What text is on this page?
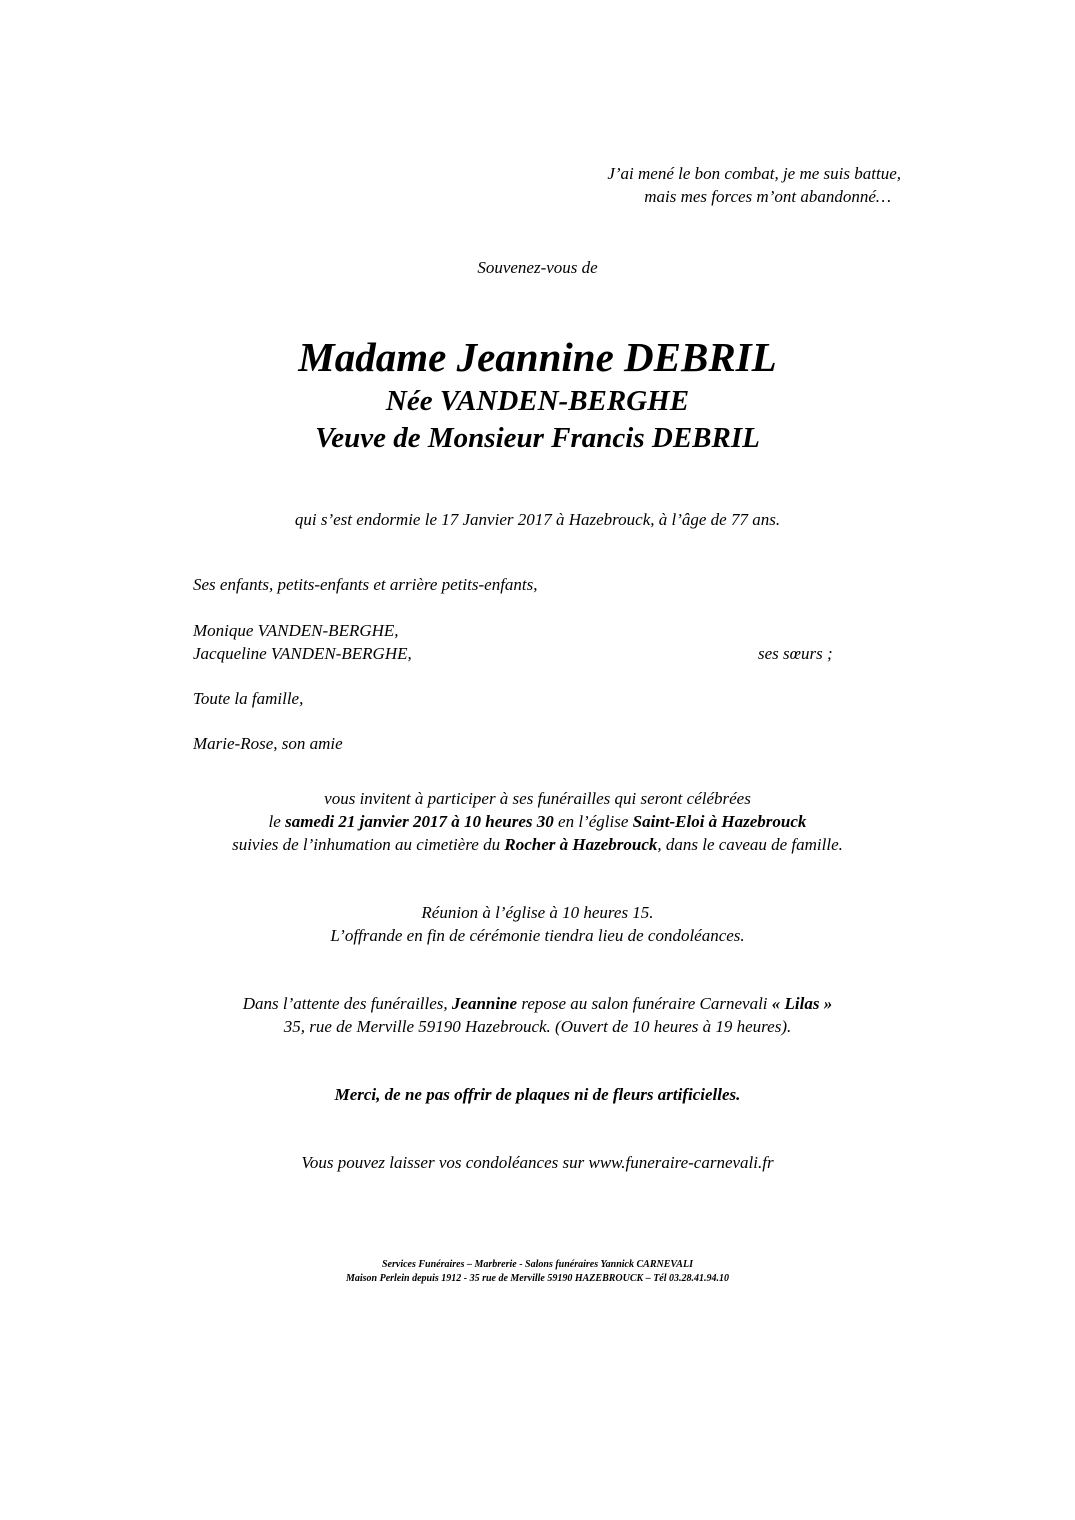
J’ai mené le bon combat, je me suis battue,
mais mes forces m’ont abandonné…
Souvenez-vous de
Madame Jeannine DEBRIL
Née VANDEN-BERGHE
Veuve de Monsieur Francis DEBRIL
qui s’est endormie le 17 Janvier 2017 à Hazebrouck, à l’âge de 77 ans.
Ses enfants, petits-enfants et arrière petits-enfants,
Monique VANDEN-BERGHE,
Jacqueline VANDEN-BERGHE,	ses sœurs ;
Toute la famille,
Marie-Rose, son amie
vous invitent à participer à ses funérailles qui seront célébrées
le samedi 21 janvier 2017 à 10 heures 30 en l’église Saint-Eloi à Hazebrouck
suivies de l’inhumation au cimetière du Rocher à Hazebrouck, dans le caveau de famille.
Réunion à l’église à 10 heures 15.
L’offrande en fin de cérémonie tiendra lieu de condoléances.
Dans l’attente des funérailles, Jeannine repose au salon funéraire Carnevali « Lilas »
35, rue de Merville 59190 Hazebrouck. (Ouvert de 10 heures à 19 heures).
Merci, de ne pas offrir de plaques ni de fleurs artificielles.
Vous pouvez laisser vos condoléances sur www.funeraire-carnevali.fr
Services Funéraires – Marbrerie - Salons funéraires Yannick CARNEVALI
Maison Perlein depuis 1912 - 35 rue de Merville 59190 HAZEBROUCK – Tél 03.28.41.94.10
